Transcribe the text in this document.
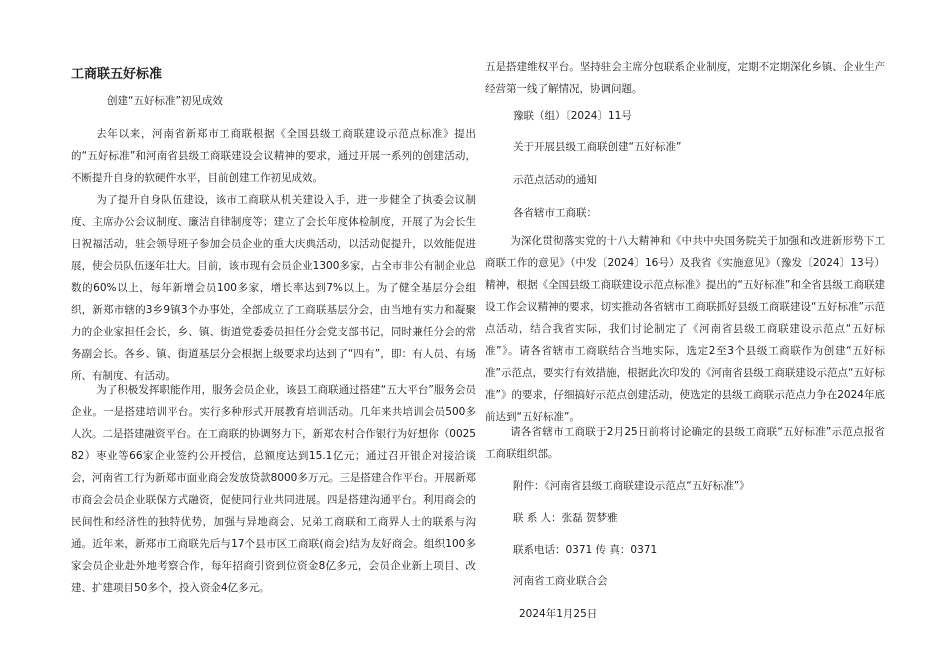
工商联五好标准
创建“五好标准”初见成效

去年以来，河南省新郑市工商联根据《全国县级工商联建设示范点标准》提出的“五好标准”和河南省县级工商联建设会议精神的要求，通过开展一系列的创建活动，不断提升自身的软硬件水平，目前创建工作初见成效。

为了提升自身队伍建设，该市工商联从机关建设入手，进一步健全了执委会议制度、主席办公会议制度、廉洁自律制度等；建立了会长年度体检制度，开展了为会长生日祝福活动，驻会领导班子参加会员企业的重大庆典活动，以活动促提升，以效能促进展，使会员队伍逐年壮大。目前，该市现有会员企业1300多家，占全市非公有制企业总数的60%以上，每年新增会员100多家，增长率达到7%以上。为了健全基层分会组织，新郑市辖的3乡9镇3个办事处，全部成立了工商联基层分会，由当地有实力和凝聚力的企业家担任会长，乡、镇、街道党委委员担任分会党支部书记，同时兼任分会的常务副会长。各乡、镇、街道基层分会根据上级要求均达到了“四有”，即：有人员、有场所、有制度、有活动。

为了积极发挥职能作用，服务会员企业，该县工商联通过搭建“五大平台”服务会员企业。一是搭建培训平台。实行多种形式开展教育培训活动。几年来共培训会员500多人次。二是搭建融资平台。在工商联的协调努力下，新郑农村合作银行为好想你（002582）枣业等66家企业签约公开授信，总额度达到15.1亿元；通过召开银企对接洽谈会，河南省工行为新郑市面业商会发放贷款8000多万元。三是搭建合作平台。开展新郑市商会会员企业联保方式融资，促使同行业共同进展。四是搭建沟通平台。利用商会的民间性和经济性的独特优势，加强与异地商会、兄弟工商联和工商界人士的联系与沟通。近年来，新郑市工商联先后与17个县市区工商联(商会)结为友好商会。组织100多家会员企业赴外地考察合作，每年招商引资到位资金8亿多元，会员企业新上项目、改建、扩建项目50多个，投入资金4亿多元。

五是搭建维权平台。坚持驻会主席分包联系企业制度，定期不定期深化乡镇、企业生产经营第一线了解情况，协调问题。

豫联（组）〔2024〕11号
关于开展县级工商联创建“五好标准”
示范点活动的通知
各省辖市工商联：

为深化贯彻落实党的十八大精神和《中共中央国务院关于加强和改进新形势下工商联工作的意见》（中发〔2024〕16号）及我省《实施意见》（豫发〔2024〕13号）精神，根据《全国县级工商联建设示范点标准》提出的“五好标准”和全省县级工商联建设工作会议精神的要求，切实推动各省辖市工商联抓好县级工商联建设“五好标准”示范点活动，结合我省实际，我们讨论制定了《河南省县级工商联建设示范点“五好标准”》。请各省辖市工商联结合当地实际，选定2至3个县级工商联作为创建“五好标准”示范点，要实行有效措施，根据此次印发的《河南省县级工商联建设示范点“五好标准”》的要求，仔细搞好示范点创建活动，使选定的县级工商联示范点力争在2024年底前达到“五好标准”。

请各省辖市工商联于2月25日前将讨论确定的县级工商联“五好标准”示范点报省工商联组织部。

附件：《河南省县级工商联建设示范点“五好标准”》
联 系 人：张磊 贺梦雅
联系电话：0371 传 真：0371
河南省工商业联合会
2024年1月25日
